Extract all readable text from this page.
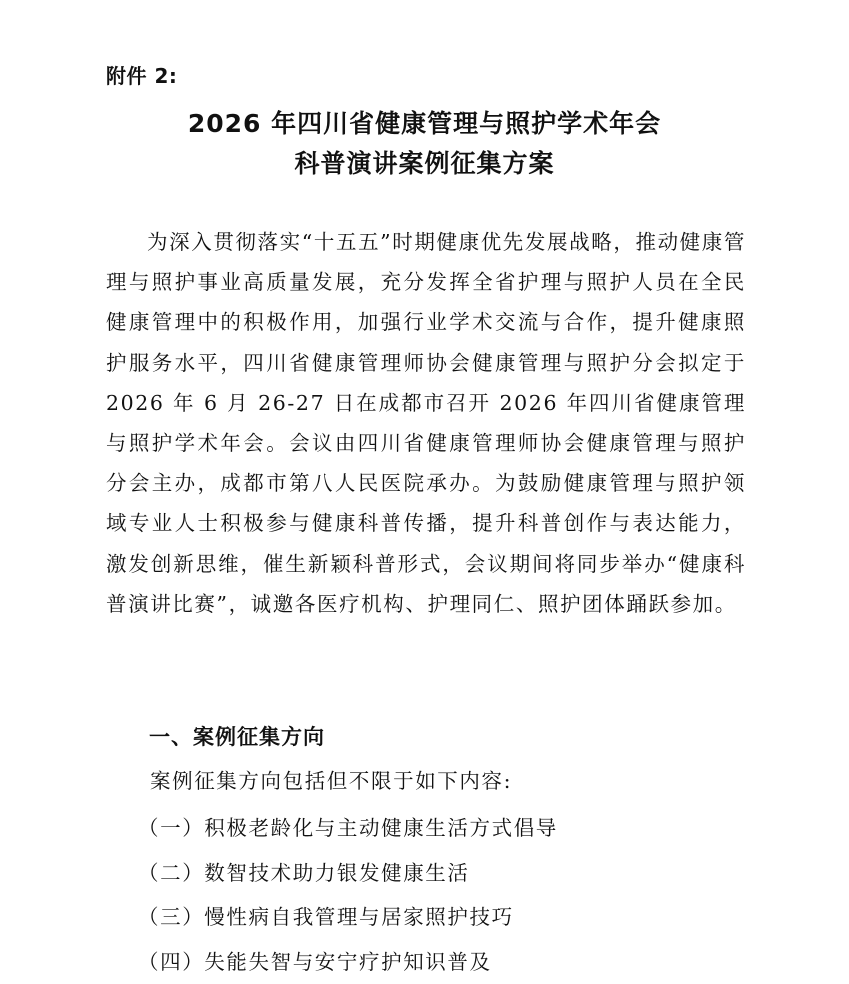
附件 2:
2026 年四川省健康管理与照护学术年会
科普演讲案例征集方案

为深入贯彻落实“十五五”时期健康优先发展战略，推动健康管理与照护事业高质量发展，充分发挥全省护理与照护人员在全民健康管理中的积极作用，加强行业学术交流与合作，提升健康照护服务水平，四川省健康管理师协会健康管理与照护分会拟定于 2026 年 6 月 26-27 日在成都市召开 2026 年四川省健康管理与照护学术年会。会议由四川省健康管理师协会健康管理与照护分会主办，成都市第八人民医院承办。为鼓励健康管理与照护领域专业人士积极参与健康科普传播，提升科普创作与表达能力，激发创新思维，催生新颖科普形式，会议期间将同步举办“健康科普演讲比赛”，诚邀各医疗机构、护理同仁、照护团体踊跃参加。

一、案例征集方向
案例征集方向包括但不限于如下内容:
（一）积极老龄化与主动健康生活方式倡导
（二）数智技术助力银发健康生活
（三）慢性病自我管理与居家照护技巧
（四）失能失智与安宁疗护知识普及
